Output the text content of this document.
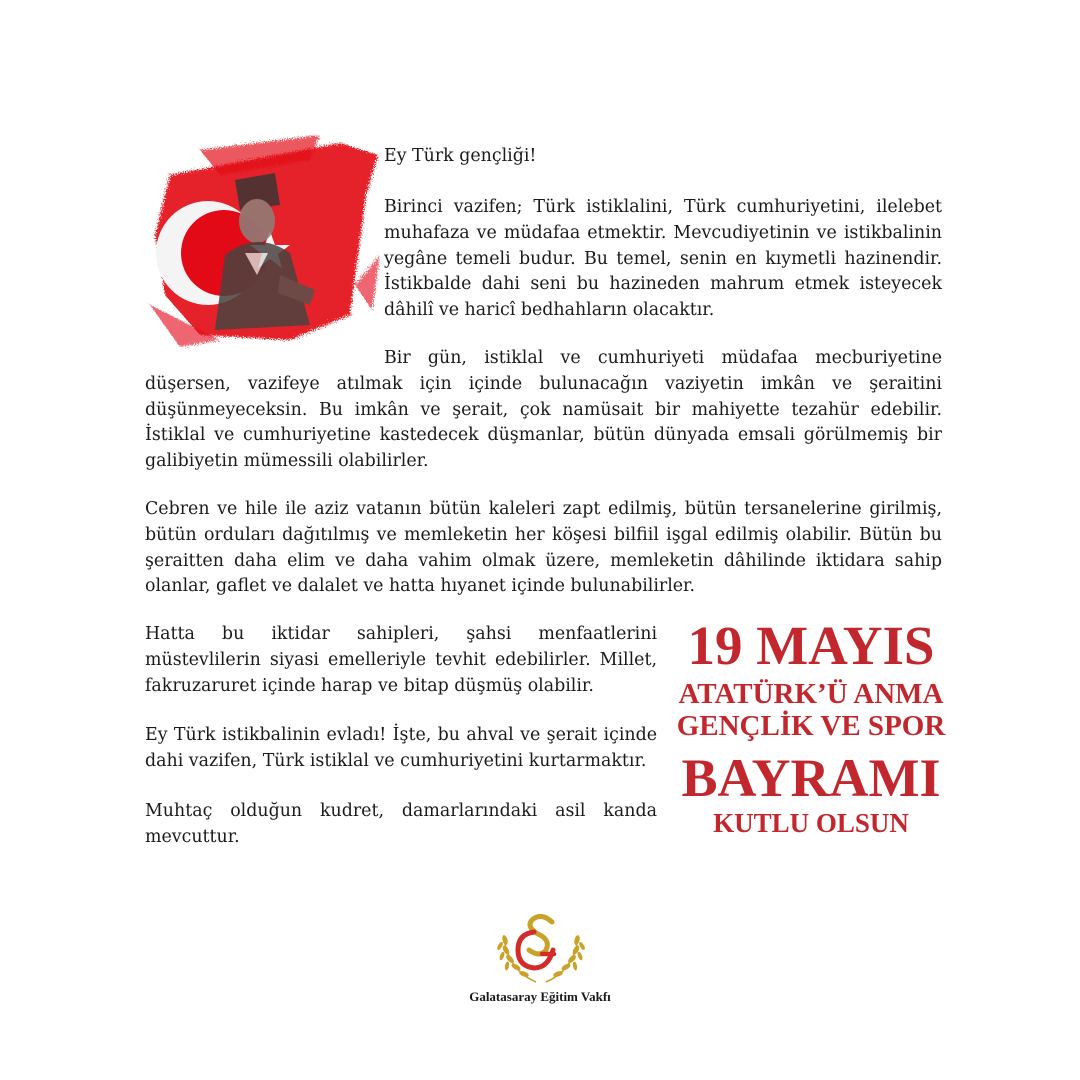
Ey Türk gençliği!

Birinci vazifen; Türk istiklalini, Türk cumhuriyetini, ilelebet muhafaza ve müdafaa etmektir. Mevcudiyetinin ve istikbalinin yegâne temeli budur. Bu temel, senin en kıymetli hazinendir. İstikbalde dahi seni bu hazineden mahrum etmek isteyecek dâhilî ve haricî bedhahların olacaktır.

Bir gün, istiklal ve cumhuriyeti müdafaa mecburiyetine düşersen, vazifeye atılmak için içinde bulunacağın vaziyetin imkân ve şeraitini düşünmeyeceksin. Bu imkân ve şerait, çok namüsait bir mahiyette tezahür edebilir. İstiklal ve cumhuriyetine kastedecek düşmanlar, bütün dünyada emsali görülmemiş bir galibiyetin mümessili olabilirler.

Cebren ve hile ile aziz vatanın bütün kaleleri zapt edilmiş, bütün tersanelerine girilmiş, bütün orduları dağıtılmış ve memleketin her köşesi bilfiil işgal edilmiş olabilir. Bütün bu şeraitten daha elim ve daha vahim olmak üzere, memleketin dâhilinde iktidara sahip olanlar, gaflet ve dalalet ve hatta hıyanet içinde bulunabilirler.

Hatta bu iktidar sahipleri, şahsi menfaatlerini müstevlilerin siyasi emelleriyle tevhit edebilirler. Millet, fakruzaruret içinde harap ve bitap düşmüş olabilir.

Ey Türk istikbalinin evladı! İşte, bu ahval ve şerait içinde dahi vazifen, Türk istiklal ve cumhuriyetini kurtarmaktır.

Muhtaç olduğun kudret, damarlarındaki asil kanda mevcuttur.

19 MAYIS
ATATÜRK’Ü ANMA
GENÇLİK VE SPOR
BAYRAMI
KUTLU OLSUN
Galatasaray Eğitim Vakfı
